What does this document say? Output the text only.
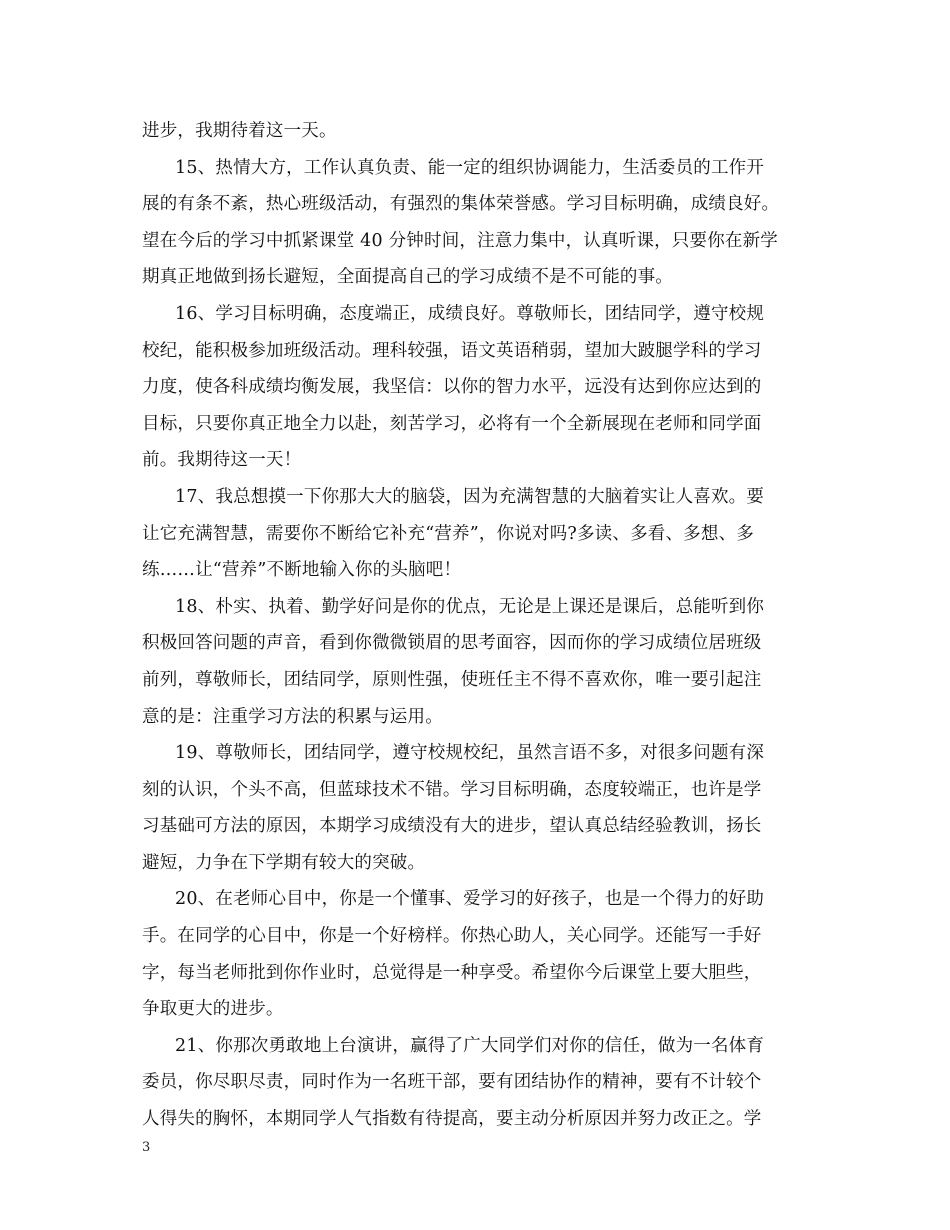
进步，我期待着这一天。
15、热情大方，工作认真负责、能一定的组织协调能力，生活委员的工作开
展的有条不紊，热心班级活动，有强烈的集体荣誉感。学习目标明确，成绩良好。
望在今后的学习中抓紧课堂 40 分钟时间，注意力集中，认真听课，只要你在新学
期真正地做到扬长避短，全面提高自己的学习成绩不是不可能的事。
16、学习目标明确，态度端正，成绩良好。尊敬师长，团结同学，遵守校规
校纪，能积极参加班级活动。理科较强，语文英语稍弱，望加大跛腿学科的学习
力度，使各科成绩均衡发展，我坚信：以你的智力水平，远没有达到你应达到的
目标，只要你真正地全力以赴，刻苦学习，必将有一个全新展现在老师和同学面
前。我期待这一天！
17、我总想摸一下你那大大的脑袋，因为充满智慧的大脑着实让人喜欢。要
让它充满智慧，需要你不断给它补充“营养”，你说对吗?多读、多看、多想、多
练……让“营养”不断地输入你的头脑吧！
18、朴实、执着、勤学好问是你的优点，无论是上课还是课后，总能听到你
积极回答问题的声音，看到你微微锁眉的思考面容，因而你的学习成绩位居班级
前列，尊敬师长，团结同学，原则性强，使班任主不得不喜欢你，唯一要引起注
意的是：注重学习方法的积累与运用。
19、尊敬师长，团结同学，遵守校规校纪，虽然言语不多，对很多问题有深
刻的认识，个头不高，但蓝球技术不错。学习目标明确，态度较端正，也许是学
习基础可方法的原因，本期学习成绩没有大的进步，望认真总结经验教训，扬长
避短，力争在下学期有较大的突破。
20、在老师心目中，你是一个懂事、爱学习的好孩子，也是一个得力的好助
手。在同学的心目中，你是一个好榜样。你热心助人，关心同学。还能写一手好
字，每当老师批到你作业时，总觉得是一种享受。希望你今后课堂上要大胆些，
争取更大的进步。
21、你那次勇敢地上台演讲，赢得了广大同学们对你的信任，做为一名体育
委员，你尽职尽责，同时作为一名班干部，要有团结协作的精神，要有不计较个
人得失的胸怀，本期同学人气指数有待提高，要主动分析原因并努力改正之。学
3
